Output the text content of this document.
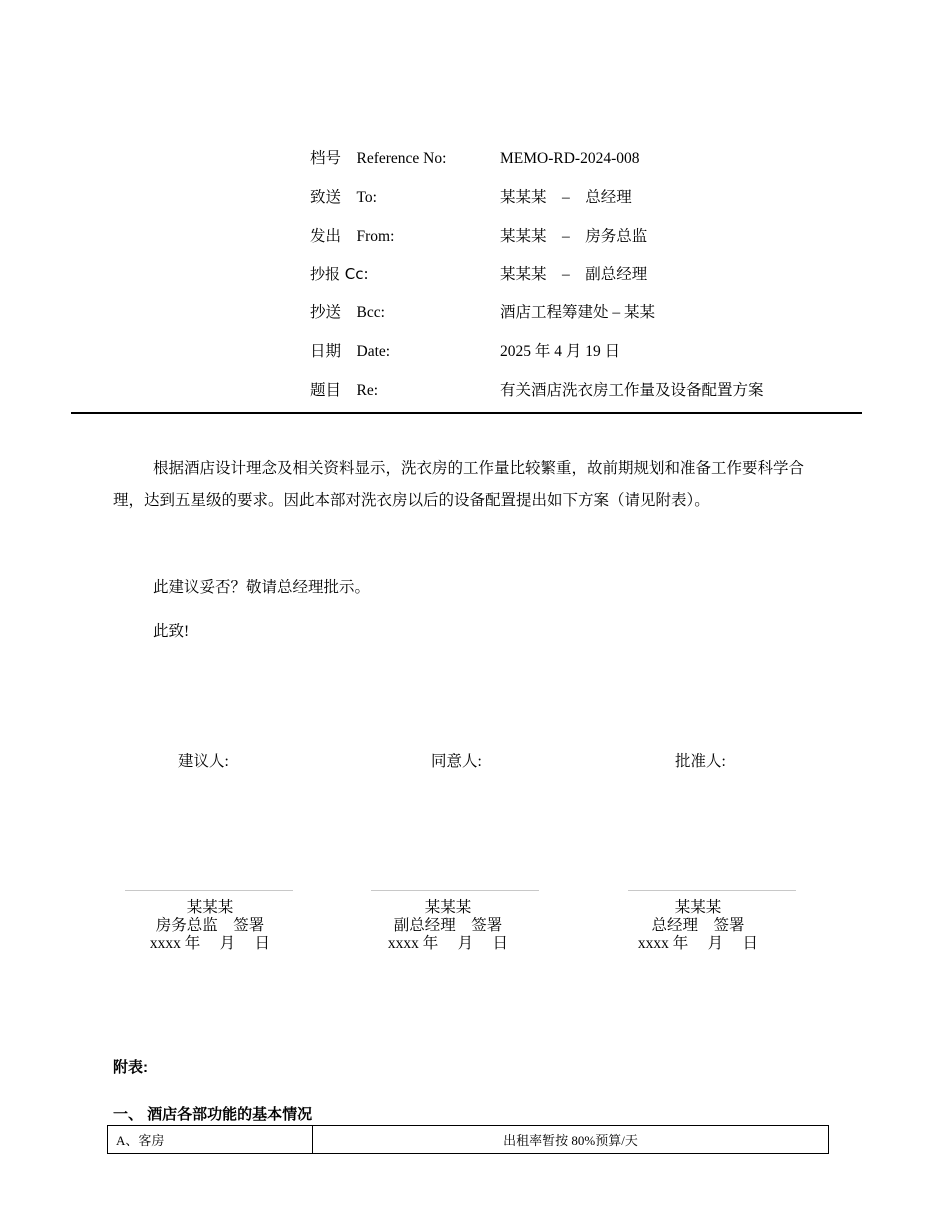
档号　Reference No:	MEMO-RD-2024-008
致送　To:	某某某　–　总经理
发出　From:	某某某　–　房务总监
抄报 Cc:	某某某　–　副总经理
抄送　Bcc:	酒店工程筹建处 – 某某
日期　Date:	2025 年 4 月 19 日
题目　Re:	有关酒店洗衣房工作量及设备配置方案
根据酒店设计理念及相关资料显示，洗衣房的工作量比较繁重，故前期规划和准备工作要科学合理，达到五星级的要求。因此本部对洗衣房以后的设备配置提出如下方案（请见附表）。
此建议妥否？敬请总经理批示。
此致!
建议人:	同意人:	批准人:
某某某
房务总监　签署
xxxx 年　 月　 日
某某某
副总经理　签署
xxxx 年　 月　 日
某某某
总经理　签署
xxxx 年　 月　 日
附表:
一、 酒店各部功能的基本情况
A、客房	出租率暂按 80%预算/天
